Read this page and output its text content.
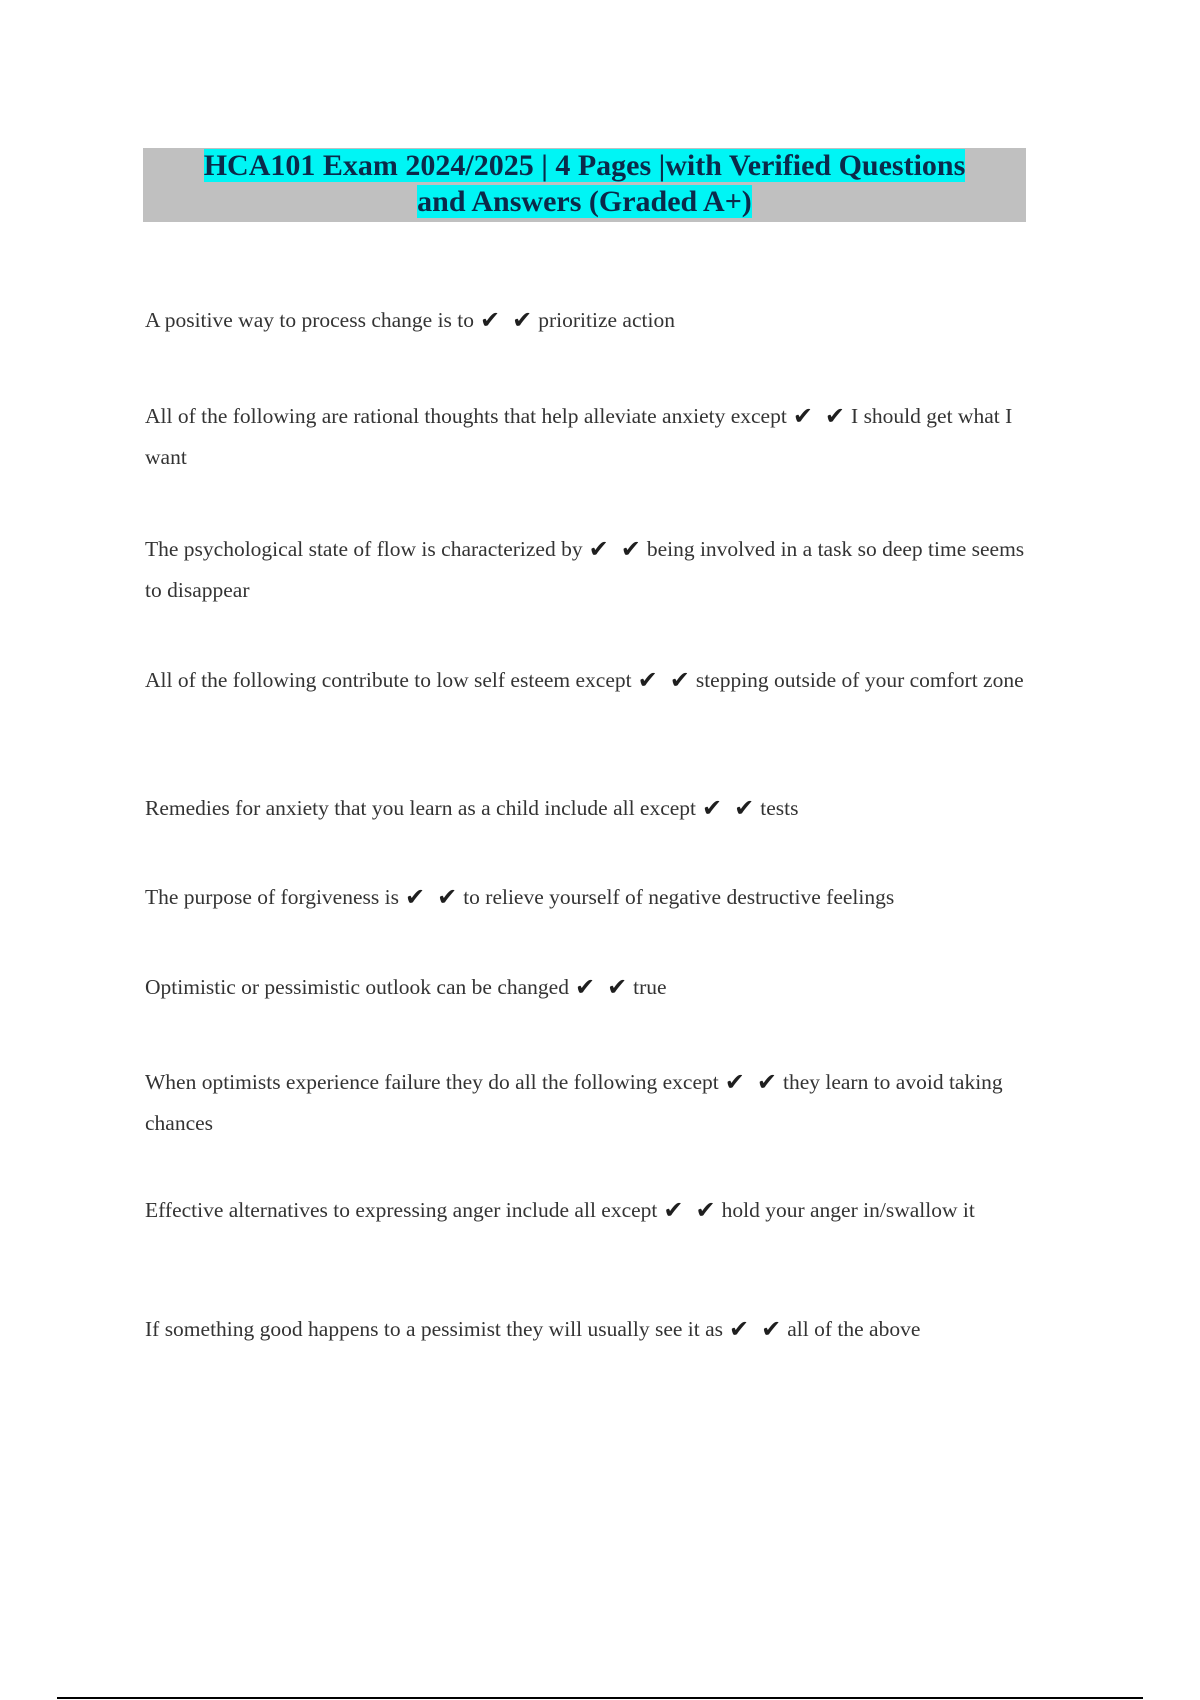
HCA101 Exam 2024/2025 | 4 Pages |with Verified Questions
and Answers (Graded A+)
A positive way to process change is to ✔ ✔ prioritize action
All of the following are rational thoughts that help alleviate anxiety except ✔ ✔ I should get what I want
The psychological state of flow is characterized by ✔ ✔ being involved in a task so deep time seems to disappear
All of the following contribute to low self esteem except ✔ ✔ stepping outside of your comfort zone
Remedies for anxiety that you learn as a child include all except ✔ ✔ tests
The purpose of forgiveness is ✔ ✔ to relieve yourself of negative destructive feelings
Optimistic or pessimistic outlook can be changed ✔ ✔ true
When optimists experience failure they do all the following except ✔ ✔ they learn to avoid taking chances
Effective alternatives to expressing anger include all except ✔ ✔ hold your anger in/swallow it
If something good happens to a pessimist they will usually see it as ✔ ✔ all of the above
